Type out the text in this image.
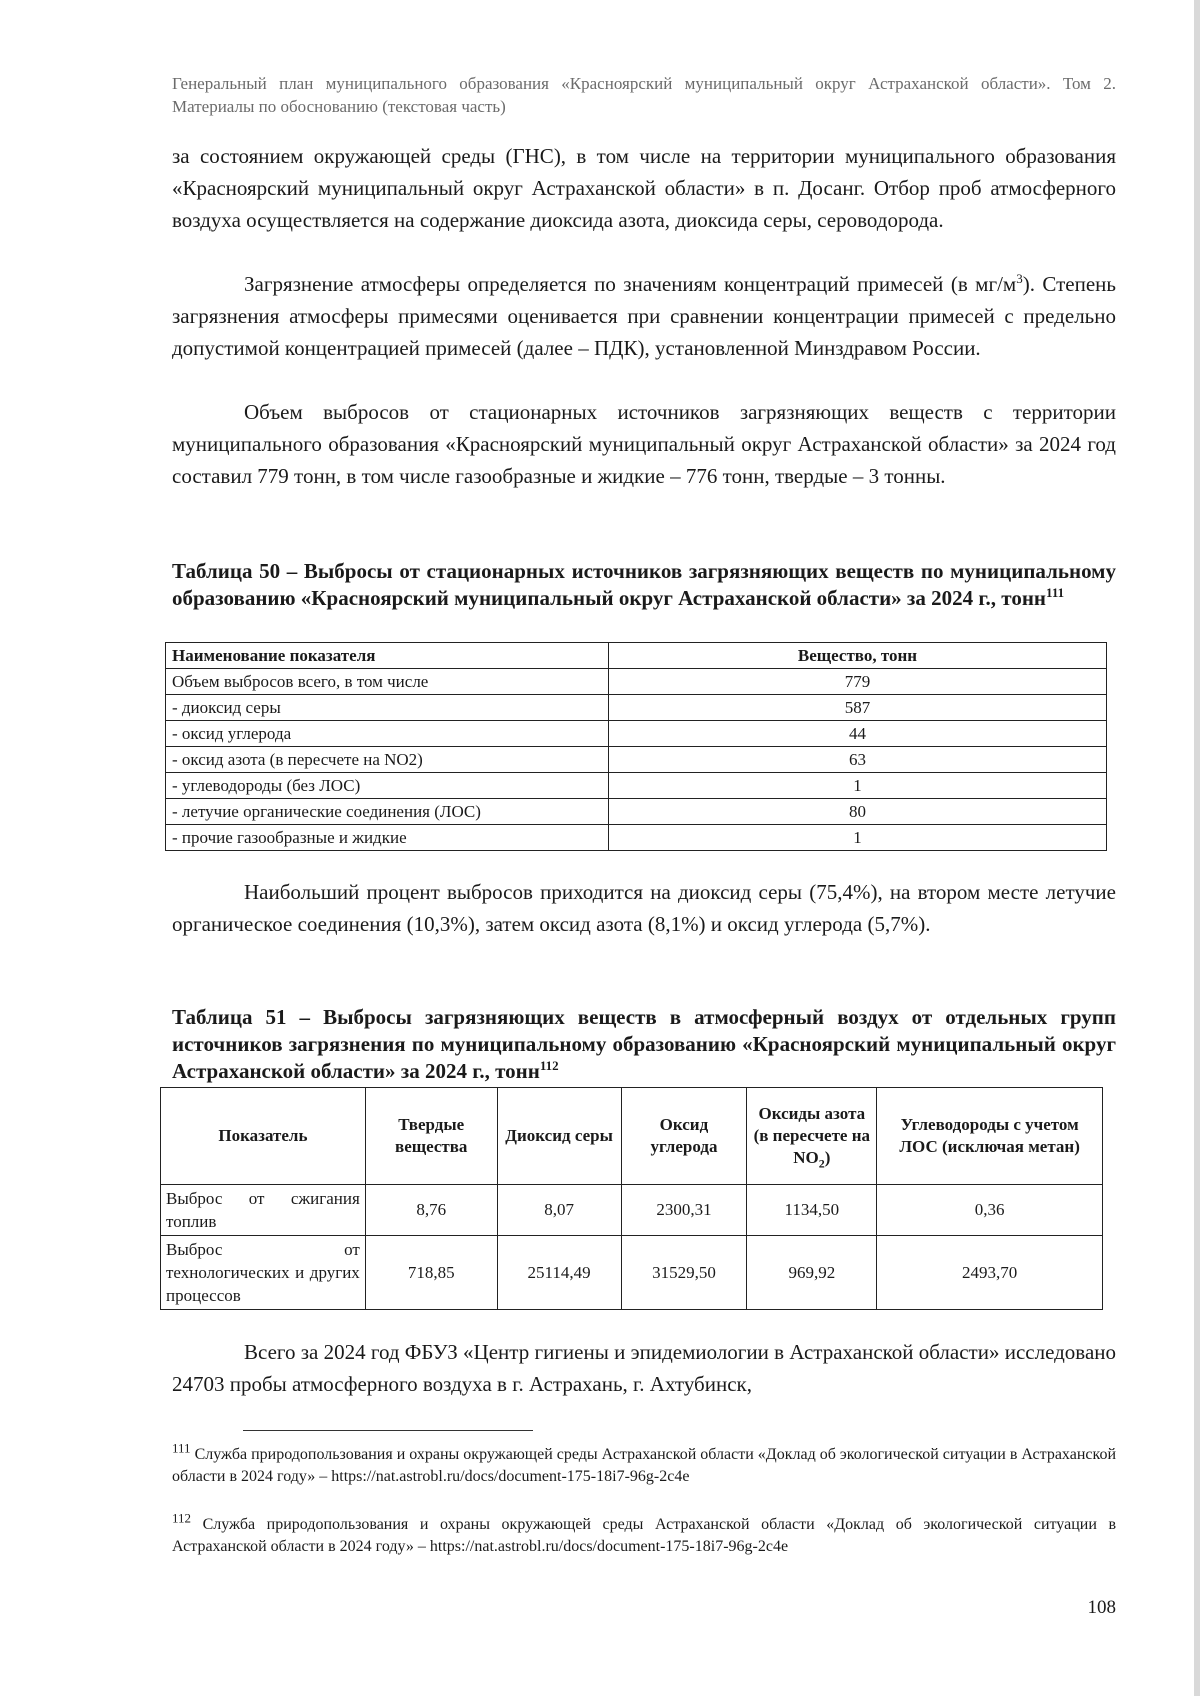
Генеральный план муниципального образования «Красноярский муниципальный округ Астраханской области». Том 2. Материалы по обоснованию (текстовая часть)

за состоянием окружающей среды (ГНС), в том числе на территории муниципального образования «Красноярский муниципальный округ Астраханской области» в п. Досанг. Отбор проб атмосферного воздуха осуществляется на содержание диоксида азота, диоксида серы, сероводорода.

Загрязнение атмосферы определяется по значениям концентраций примесей (в $мг/м^3$). Степень загрязнения атмосферы примесями оценивается при сравнении концентрации примесей с предельно допустимой концентрацией примесей (далее – ПДК), установленной Минздравом России.

Объем выбросов от стационарных источников загрязняющих веществ с территории муниципального образования «Красноярский муниципальный округ Астраханской области» за 2024 год составил 779 тонн, в том числе газообразные и жидкие – 776 тонн, твердые – 3 тонны.

Таблица 50 – Выбросы от стационарных источников загрязняющих веществ по муниципальному образованию «Красноярский муниципальный округ Астраханской области» за 2024 г., тонн$^{111}$

Наименование показателя	Вещество, тонн
Объем выбросов всего, в том числе	779
- диоксид серы	587
- оксид углерода	44
- оксид азота (в пересчете на NO2)	63
- углеводороды (без ЛОС)	1
- летучие органические соединения (ЛОС)	80
- прочие газообразные и жидкие	1

Наибольший процент выбросов приходится на диоксид серы (75,4%), на втором месте летучие органическое соединения (10,3%), затем оксид азота (8,1%) и оксид углерода (5,7%).

Таблица 51 – Выбросы загрязняющих веществ в атмосферный воздух от отдельных групп источников загрязнения по муниципальному образованию «Красноярский муниципальный округ Астраханской области» за 2024 г., тонн$^{112}$

Показатель	Твердые вещества	Диоксид серы	Оксид углерода	Оксиды азота (в пересчете на $NO_2$)	Углеводороды с учетом ЛОС (исключая метан)
Выброс от сжигания топлив	8,76	8,07	2300,31	1134,50	0,36
Выброс от технологических и других процессов	718,85	25114,49	31529,50	969,92	2493,70

Всего за 2024 год ФБУЗ «Центр гигиены и эпидемиологии в Астраханской области» исследовано 24703 пробы атмосферного воздуха в г. Астрахань, г. Ахтубинск,

$^{111}$ Служба природопользования и охраны окружающей среды Астраханской области «Доклад об экологической ситуации в Астраханской области в 2024 году» – https://nat.astrobl.ru/docs/document-175-18i7-96g-2c4e

$^{112}$ Служба природопользования и охраны окружающей среды Астраханской области «Доклад об экологической ситуации в Астраханской области в 2024 году» – https://nat.astrobl.ru/docs/document-175-18i7-96g-2c4e

108
